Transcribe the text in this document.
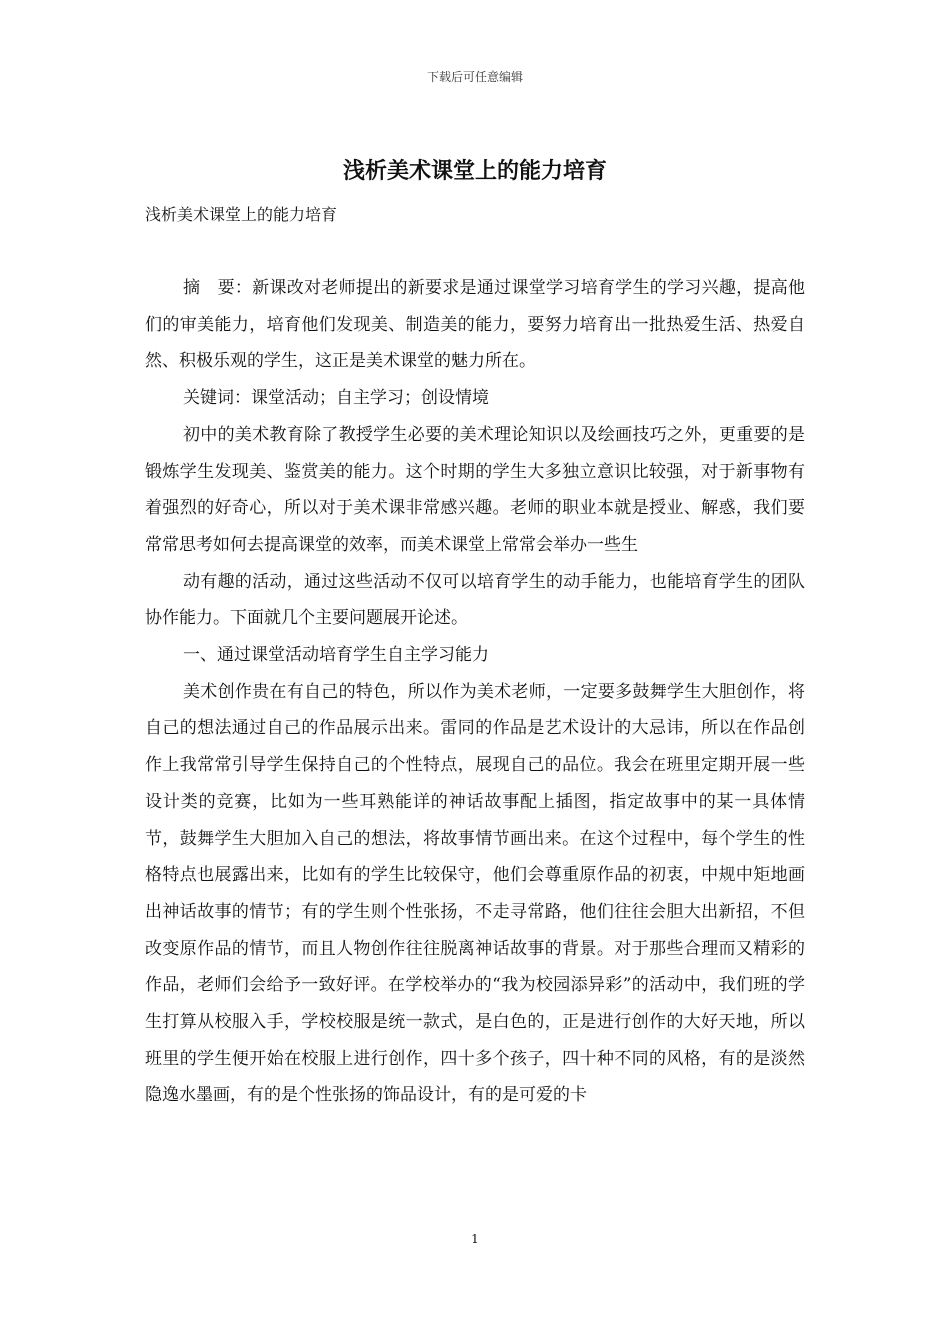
下载后可任意编辑
浅析美术课堂上的能力培育
浅析美术课堂上的能力培育

摘　要：新课改对老师提出的新要求是通过课堂学习培育学生的学习兴趣，提高他们的审美能力，培育他们发现美、制造美的能力，要努力培育出一批热爱生活、热爱自然、积极乐观的学生，这正是美术课堂的魅力所在。

关键词：课堂活动；自主学习；创设情境

初中的美术教育除了教授学生必要的美术理论知识以及绘画技巧之外，更重要的是锻炼学生发现美、鉴赏美的能力。这个时期的学生大多独立意识比较强，对于新事物有着强烈的好奇心，所以对于美术课非常感兴趣。老师的职业本就是授业、解惑，我们要常常思考如何去提高课堂的效率，而美术课堂上常常会举办一些生

动有趣的活动，通过这些活动不仅可以培育学生的动手能力，也能培育学生的团队协作能力。下面就几个主要问题展开论述。

一、通过课堂活动培育学生自主学习能力

美术创作贵在有自己的特色，所以作为美术老师，一定要多鼓舞学生大胆创作，将自己的想法通过自己的作品展示出来。雷同的作品是艺术设计的大忌讳，所以在作品创作上我常常引导学生保持自己的个性特点，展现自己的品位。我会在班里定期开展一些设计类的竞赛，比如为一些耳熟能详的神话故事配上插图，指定故事中的某一具体情节，鼓舞学生大胆加入自己的想法，将故事情节画出来。在这个过程中，每个学生的性格特点也展露出来，比如有的学生比较保守，他们会尊重原作品的初衷，中规中矩地画出神话故事的情节；有的学生则个性张扬，不走寻常路，他们往往会胆大出新招，不但改变原作品的情节，而且人物创作往往脱离神话故事的背景。对于那些合理而又精彩的作品，老师们会给予一致好评。在学校举办的“我为校园添异彩”的活动中，我们班的学生打算从校服入手，学校校服是统一款式，是白色的，正是进行创作的大好天地，所以班里的学生便开始在校服上进行创作，四十多个孩子，四十种不同的风格，有的是淡然隐逸水墨画，有的是个性张扬的饰品设计，有的是可爱的卡

1
